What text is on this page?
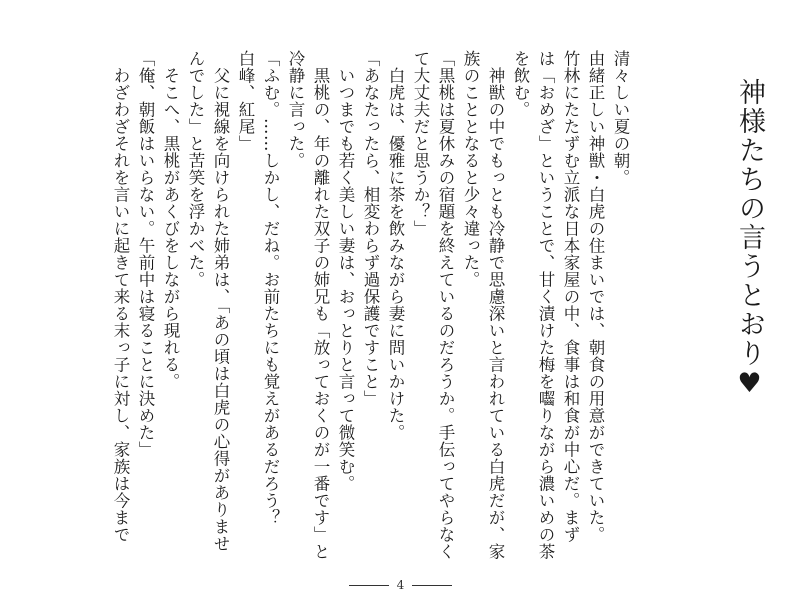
神様たちの言うとおり♥
清々しい夏の朝。
由緒正しい神獣・白虎の住まいでは、朝食の用意ができていた。
竹林にたたずむ立派な日本家屋の中、食事は和食が中心だ。まず
は「おめざ」ということで、甘く漬けた梅を囓りながら濃いめの茶
を飲む。
　神獣の中でもっとも冷静で思慮深いと言われている白虎だが、家
族のこととなると少々違った。
「黒桃は夏休みの宿題を終えているのだろうか。手伝ってやらなく
て大丈夫だと思うか？」
　白虎は、優雅に茶を飲みながら妻に問いかけた。
「あなたったら、相変わらず過保護ですこと」
　いつまでも若く美しい妻は、おっとりと言って微笑む。
　黒桃の、年の離れた双子の姉兄も「放っておくのが一番です」と
冷静に言った。
「ふむ。……しかし、だね。お前たちにも覚えがあるだろう？
白峰、紅尾」
　父に視線を向けられた姉弟は、「あの頃は白虎の心得がありませ
んでした」と苦笑を浮かべた。
　そこへ、黒桃があくびをしながら現れる。
「俺、朝飯はいらない。午前中は寝ることに決めた」
　わざわざそれを言いに起きて来る末っ子に対し、家族は今まで
4
